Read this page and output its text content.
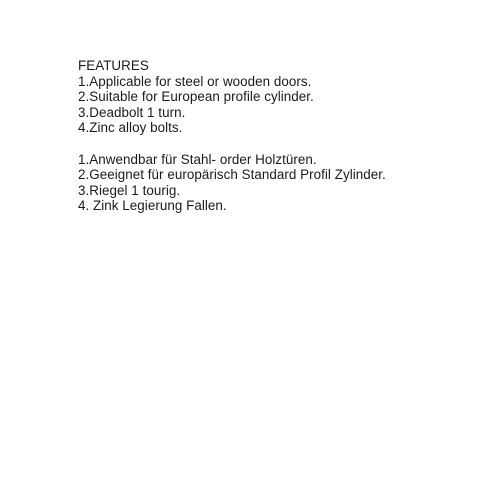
FEATURES
1.Applicable for steel or wooden doors.
2.Suitable for European profile cylinder.
3.Deadbolt 1 turn.
4.Zinc alloy bolts.
1.Anwendbar für Stahl- order Holztüren.
2.Geeignet für europärisch Standard Profil Zylinder.
3.Riegel 1 tourig.
4. Zink Legierung Fallen.
